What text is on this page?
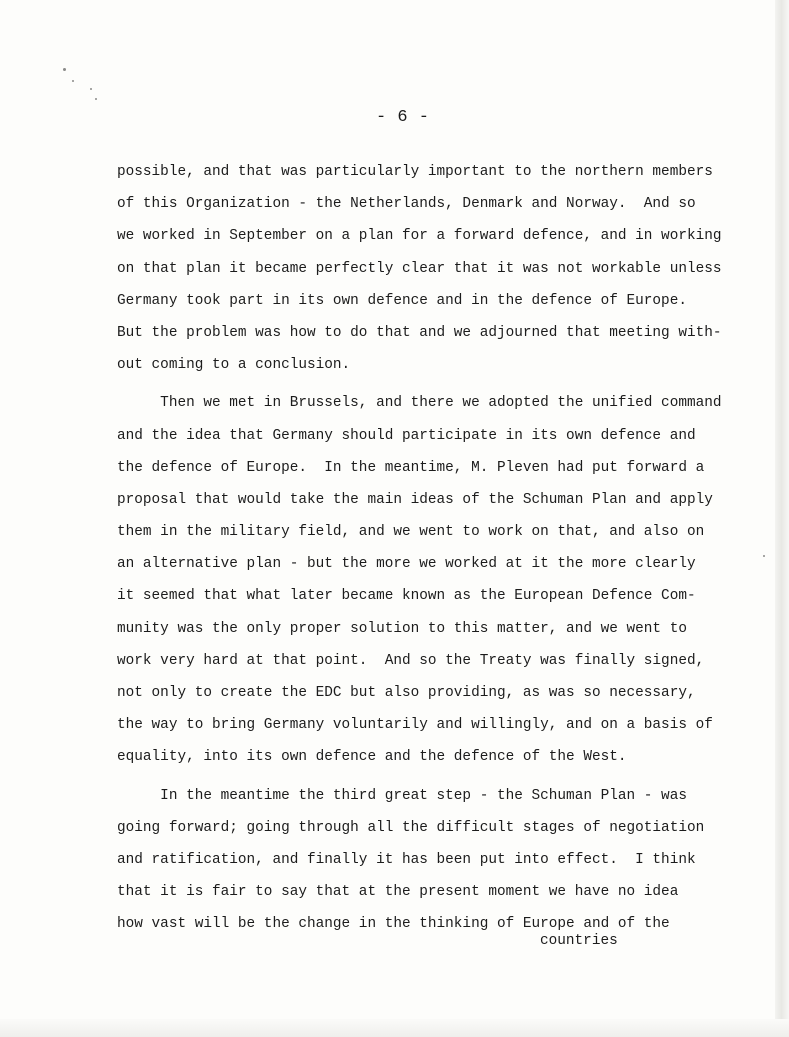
- 6 -
possible, and that was particularly important to the northern members
of this Organization - the Netherlands, Denmark and Norway.  And so
we worked in September on a plan for a forward defence, and in working
on that plan it became perfectly clear that it was not workable unless
Germany took part in its own defence and in the defence of Europe.
But the problem was how to do that and we adjourned that meeting with-
out coming to a conclusion.
Then we met in Brussels, and there we adopted the unified command
and the idea that Germany should participate in its own defence and
the defence of Europe.  In the meantime, M. Pleven had put forward a
proposal that would take the main ideas of the Schuman Plan and apply
them in the military field, and we went to work on that, and also on
an alternative plan - but the more we worked at it the more clearly
it seemed that what later became known as the European Defence Com-
munity was the only proper solution to this matter, and we went to
work very hard at that point.  And so the Treaty was finally signed,
not only to create the EDC but also providing, as was so necessary,
the way to bring Germany voluntarily and willingly, and on a basis of
equality, into its own defence and the defence of the West.
In the meantime the third great step - the Schuman Plan - was
going forward; going through all the difficult stages of negotiation
and ratification, and finally it has been put into effect.  I think
that it is fair to say that at the present moment we have no idea
how vast will be the change in the thinking of Europe and of the
countries
